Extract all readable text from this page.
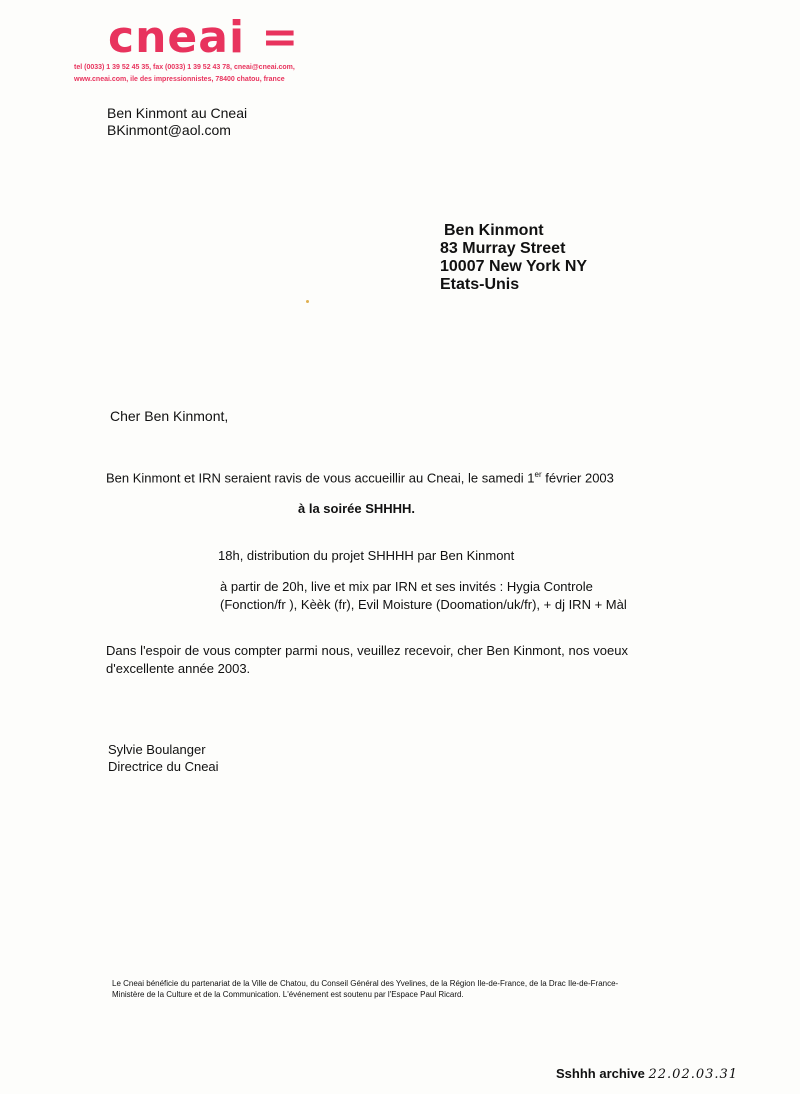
cneai =
tel (0033) 1 39 52 45 35, fax (0033) 1 39 52 43 78, cneai@cneai.com,
www.cneai.com, ile des impressionnistes, 78400 chatou, france
Ben Kinmont au Cneai
BKinmont@aol.com
Ben Kinmont
83 Murray Street
10007 New York NY
Etats-Unis
Cher Ben Kinmont,
Ben Kinmont et IRN seraient ravis de vous accueillir au Cneai, le samedi 1er février 2003
à la soirée SHHHH.
18h, distribution du projet SHHHH par Ben Kinmont
à partir de 20h, live et mix par IRN et ses invités : Hygia Controle (Fonction/fr ), Kèèk (fr), Evil Moisture (Doomation/uk/fr), + dj IRN + Màl
Dans l'espoir de vous compter parmi nous, veuillez recevoir, cher Ben Kinmont, nos voeux d'excellente année 2003.
Sylvie Boulanger
Directrice du Cneai
Le Cneai bénéficie du partenariat de la Ville de Chatou, du Conseil Général des Yvelines, de la Région Ile-de-France, de la Drac Ile-de-France-Ministère de la Culture et de la Communication. L'événement est soutenu par l'Espace Paul Ricard.
Sshhh archive 22.02.03.31
